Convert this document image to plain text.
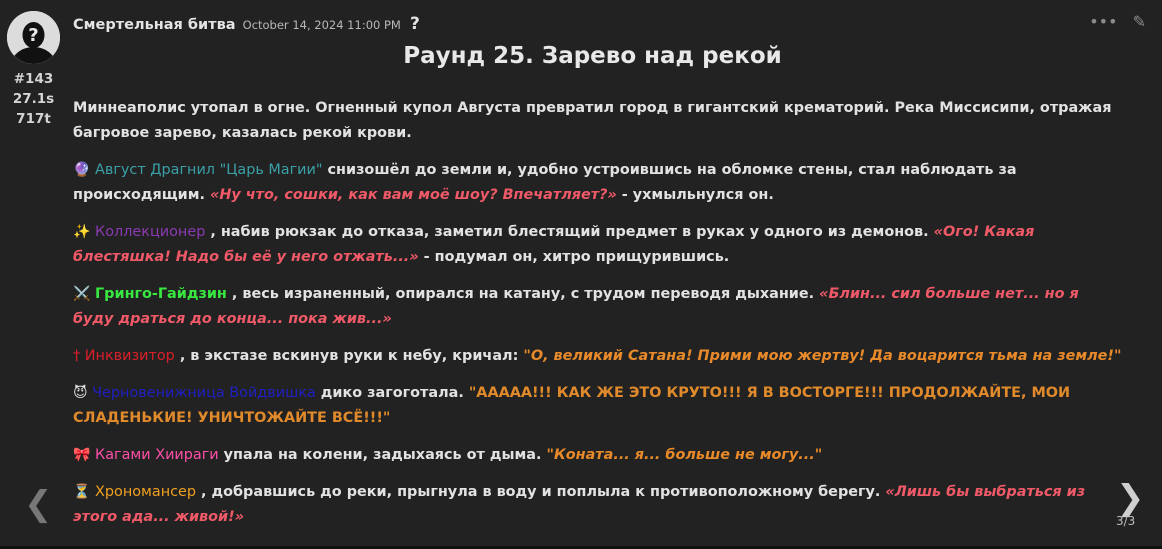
?
#143
27.1s
717t
Смертельная битва October 14, 2024 11:00 PM ?	••• ✎
Раунд 25. Зарево над рекой

Миннеаполис утопал в огне. Огненный купол Августа превратил город в гигантский крематорий. Река Миссисипи, отражая багровое зарево, казалась рекой крови.

🔮 Август Драгнил "Царь Магии" снизошёл до земли и, удобно устроившись на обломке стены, стал наблюдать за происходящим. «Ну что, сошки, как вам моё шоу? Впечатляет?» - ухмыльнулся он.

✨ Коллекционер , набив рюкзак до отказа, заметил блестящий предмет в руках у одного из демонов. «Ого! Какая блестяшка! Надо бы её у него отжать...» - подумал он, хитро прищурившись.

⚔️ Гринго-Гайдзин , весь израненный, опирался на катану, с трудом переводя дыхание. «Блин... сил больше нет... но я буду драться до конца... пока жив...»

† Инквизитор , в экстазе вскинув руки к небу, кричал: "О, великий Сатана! Прими мою жертву! Да воцарится тьма на земле!"

😈 Черновенижница Войдвишка дико загоготала. "ААААА!!! КАК ЖЕ ЭТО КРУТО!!! Я В ВОСТОРГЕ!!! ПРОДОЛЖАЙТЕ, МОИ СЛАДЕНЬКИЕ! УНИЧТОЖАЙТЕ ВСЁ!!!"

🎀 Кагами Хиираги упала на колени, задыхаясь от дыма. "Коната... я... больше не могу..."

⏳ Хрономансер , добравшись до реки, прыгнула в воду и поплыла к противоположному берегу. «Лишь бы выбраться из этого ада... живой!»

❮	❯
3/3
